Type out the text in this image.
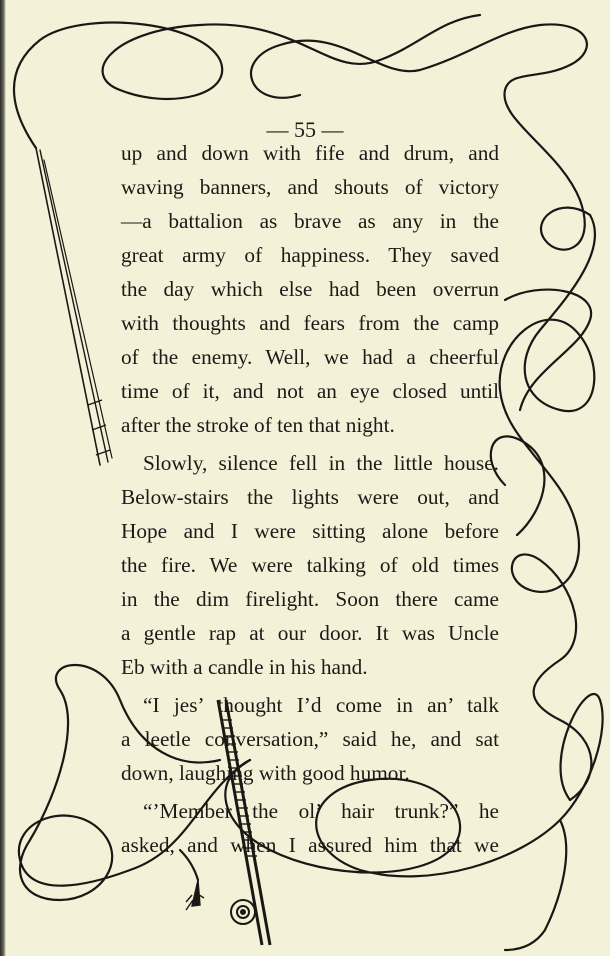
— 55 —

up and down with fife and drum, and
waving banners, and shouts of victory
—a battalion as brave as any in the
great army of happiness. They saved
the day which else had been overrun
with thoughts and fears from the camp
of the enemy. Well, we had a cheerful
time of it, and not an eye closed until
after the stroke of ten that night.

Slowly, silence fell in the little house.
Below-stairs the lights were out, and
Hope and I were sitting alone before
the fire. We were talking of old times
in the dim firelight. Soon there came
a gentle rap at our door. It was Uncle
Eb with a candle in his hand.

“I jes’ thought I’d come in an’ talk
a leetle conversation,” said he, and sat
down, laughing with good humor.

“’Member the ol’ hair trunk?” he
asked, and when I assured him that we
